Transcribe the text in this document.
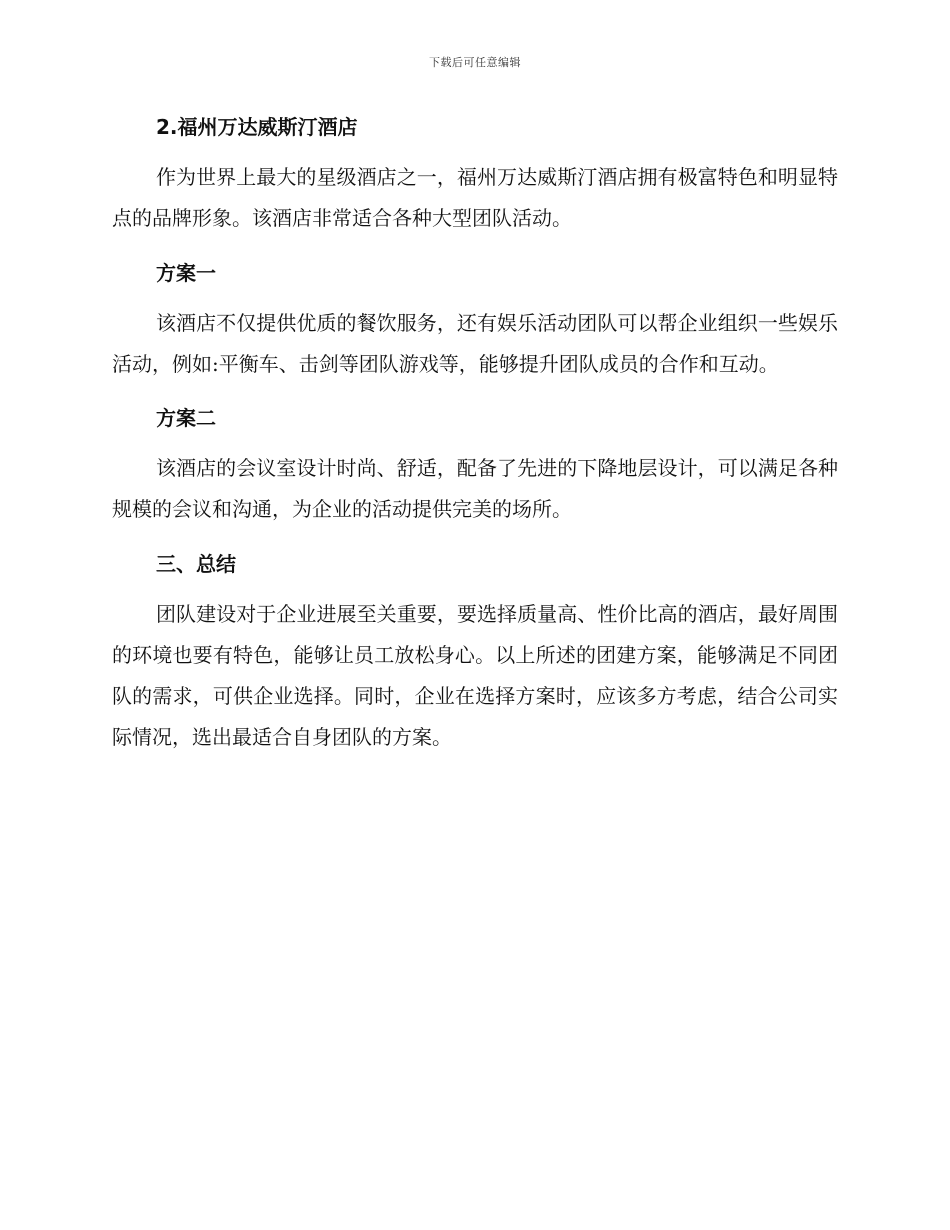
下载后可任意编辑

2.福州万达威斯汀酒店

作为世界上最大的星级酒店之一，福州万达威斯汀酒店拥有极富特色和明显特点的品牌形象。该酒店非常适合各种大型团队活动。

方案一

该酒店不仅提供优质的餐饮服务，还有娱乐活动团队可以帮企业组织一些娱乐活动，例如:平衡车、击剑等团队游戏等，能够提升团队成员的合作和互动。

方案二

该酒店的会议室设计时尚、舒适，配备了先进的下降地层设计，可以满足各种规模的会议和沟通，为企业的活动提供完美的场所。

三、总结

团队建设对于企业进展至关重要，要选择质量高、性价比高的酒店，最好周围的环境也要有特色，能够让员工放松身心。以上所述的团建方案，能够满足不同团队的需求，可供企业选择。同时，企业在选择方案时，应该多方考虑，结合公司实际情况，选出最适合自身团队的方案。
